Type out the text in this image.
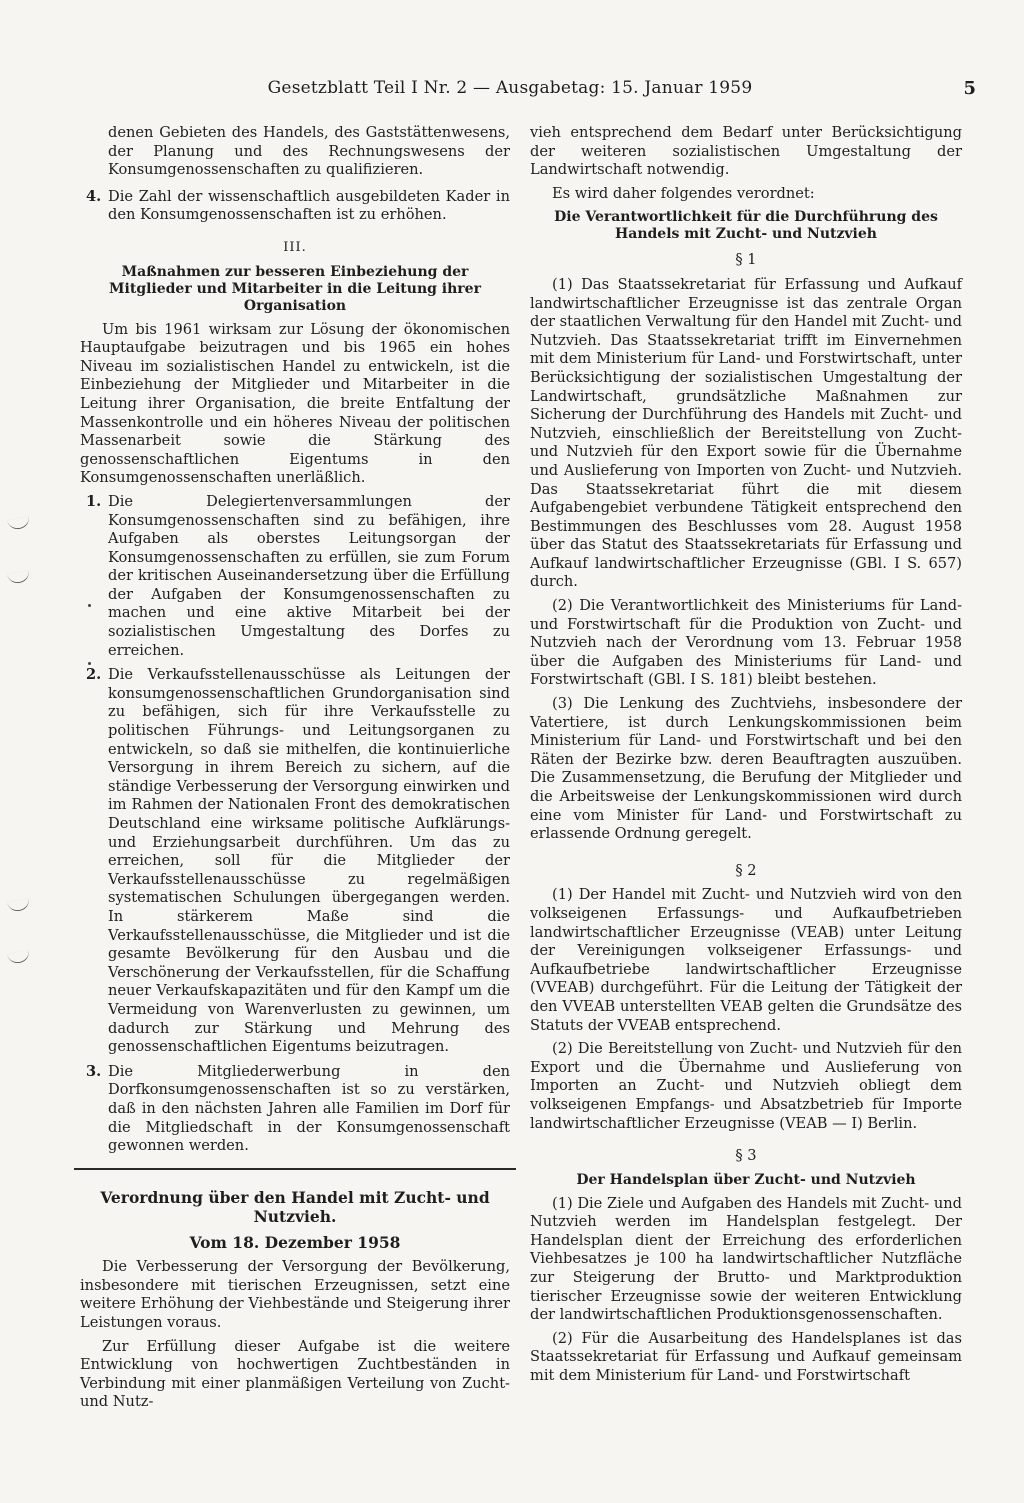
Gesetzblatt Teil I Nr. 2 — Ausgabetag: 15. Januar 1959	5

denen Gebieten des Handels, des Gaststättenwesens, der Planung und des Rechnungswesens der Konsumgenossenschaften zu qualifizieren.

4. Die Zahl der wissenschaftlich ausgebildeten Kader in den Konsumgenossenschaften ist zu erhöhen.
III.
Maßnahmen zur besseren Einbeziehung der Mitglieder und Mitarbeiter in die Leitung ihrer Organisation

Um bis 1961 wirksam zur Lösung der ökonomischen Hauptaufgabe beizutragen und bis 1965 ein hohes Niveau im sozialistischen Handel zu entwickeln, ist die Einbeziehung der Mitglieder und Mitarbeiter in die Leitung ihrer Organisation, die breite Entfaltung der Massenkontrolle und ein höheres Niveau der politischen Massenarbeit sowie die Stärkung des genossenschaftlichen Eigentums in den Konsumgenossenschaften unerläßlich.

1. Die Delegiertenversammlungen der Konsumgenossenschaften sind zu befähigen, ihre Aufgaben als oberstes Leitungsorgan der Konsumgenossenschaften zu erfüllen, sie zum Forum der kritischen Auseinandersetzung über die Erfüllung der Aufgaben der Konsumgenossenschaften zu machen und eine aktive Mitarbeit bei der sozialistischen Umgestaltung des Dorfes zu erreichen.
2. Die Verkaufsstellenausschüsse als Leitungen der konsumgenossenschaftlichen Grundorganisation sind zu befähigen, sich für ihre Verkaufsstelle zu politischen Führungs- und Leitungsorganen zu entwickeln, so daß sie mithelfen, die kontinuierliche Versorgung in ihrem Bereich zu sichern, auf die ständige Verbesserung der Versorgung einwirken und im Rahmen der Nationalen Front des demokratischen Deutschland eine wirksame politische Aufklärungs- und Erziehungsarbeit durchführen. Um das zu erreichen, soll für die Mitglieder der Verkaufsstellenausschüsse zu regelmäßigen systematischen Schulungen übergegangen werden. In stärkerem Maße sind die Verkaufsstellenausschüsse, die Mitglieder und ist die gesamte Bevölkerung für den Ausbau und die Verschönerung der Verkaufsstellen, für die Schaffung neuer Verkaufskapazitäten und für den Kampf um die Vermeidung von Warenverlusten zu gewinnen, um dadurch zur Stärkung und Mehrung des genossenschaftlichen Eigentums beizutragen.
3. Die Mitgliederwerbung in den Dorfkonsumgenossenschaften ist so zu verstärken, daß in den nächsten Jahren alle Familien im Dorf für die Mitgliedschaft in der Konsumgenossenschaft gewonnen werden.
Verordnung über den Handel mit Zucht- und Nutzvieh.
Vom 18. Dezember 1958

Die Verbesserung der Versorgung der Bevölkerung, insbesondere mit tierischen Erzeugnissen, setzt eine weitere Erhöhung der Viehbestände und Steigerung ihrer Leistungen voraus.

Zur Erfüllung dieser Aufgabe ist die weitere Entwicklung von hochwertigen Zuchtbeständen in Verbindung mit einer planmäßigen Verteilung von Zucht- und Nutz-

vieh entsprechend dem Bedarf unter Berücksichtigung der weiteren sozialistischen Umgestaltung der Landwirtschaft notwendig.

Es wird daher folgendes verordnet:

Die Verantwortlichkeit für die Durchführung des Handels mit Zucht- und Nutzvieh
§ 1

(1) Das Staatssekretariat für Erfassung und Aufkauf landwirtschaftlicher Erzeugnisse ist das zentrale Organ der staatlichen Verwaltung für den Handel mit Zucht- und Nutzvieh. Das Staatssekretariat trifft im Einvernehmen mit dem Ministerium für Land- und Forstwirtschaft, unter Berücksichtigung der sozialistischen Umgestaltung der Landwirtschaft, grundsätzliche Maßnahmen zur Sicherung der Durchführung des Handels mit Zucht- und Nutzvieh, einschließlich der Bereitstellung von Zucht- und Nutzvieh für den Export sowie für die Übernahme und Auslieferung von Importen von Zucht- und Nutzvieh. Das Staatssekretariat führt die mit diesem Aufgabengebiet verbundene Tätigkeit entsprechend den Bestimmungen des Beschlusses vom 28. August 1958 über das Statut des Staatssekretariats für Erfassung und Aufkauf landwirtschaftlicher Erzeugnisse (GBl. I S. 657) durch.

(2) Die Verantwortlichkeit des Ministeriums für Land- und Forstwirtschaft für die Produktion von Zucht- und Nutzvieh nach der Verordnung vom 13. Februar 1958 über die Aufgaben des Ministeriums für Land- und Forstwirtschaft (GBl. I S. 181) bleibt bestehen.

(3) Die Lenkung des Zuchtviehs, insbesondere der Vatertiere, ist durch Lenkungskommissionen beim Ministerium für Land- und Forstwirtschaft und bei den Räten der Bezirke bzw. deren Beauftragten auszuüben. Die Zusammensetzung, die Berufung der Mitglieder und die Arbeitsweise der Lenkungskommissionen wird durch eine vom Minister für Land- und Forstwirtschaft zu erlassende Ordnung geregelt.

§ 2

(1) Der Handel mit Zucht- und Nutzvieh wird von den volkseigenen Erfassungs- und Aufkaufbetrieben landwirtschaftlicher Erzeugnisse (VEAB) unter Leitung der Vereinigungen volkseigener Erfassungs- und Aufkaufbetriebe landwirtschaftlicher Erzeugnisse (VVEAB) durchgeführt. Für die Leitung der Tätigkeit der den VVEAB unterstellten VEAB gelten die Grundsätze des Statuts der VVEAB entsprechend.

(2) Die Bereitstellung von Zucht- und Nutzvieh für den Export und die Übernahme und Auslieferung von Importen an Zucht- und Nutzvieh obliegt dem volkseigenen Empfangs- und Absatzbetrieb für Importe landwirtschaftlicher Erzeugnisse (VEAB — I) Berlin.

§ 3
Der Handelsplan über Zucht- und Nutzvieh

(1) Die Ziele und Aufgaben des Handels mit Zucht- und Nutzvieh werden im Handelsplan festgelegt. Der Handelsplan dient der Erreichung des erforderlichen Viehbesatzes je 100 ha landwirtschaftlicher Nutzfläche zur Steigerung der Brutto- und Marktproduktion tierischer Erzeugnisse sowie der weiteren Entwicklung der landwirtschaftlichen Produktionsgenossenschaften.

(2) Für die Ausarbeitung des Handelsplanes ist das Staatssekretariat für Erfassung und Aufkauf gemeinsam mit dem Ministerium für Land- und Forstwirtschaft
